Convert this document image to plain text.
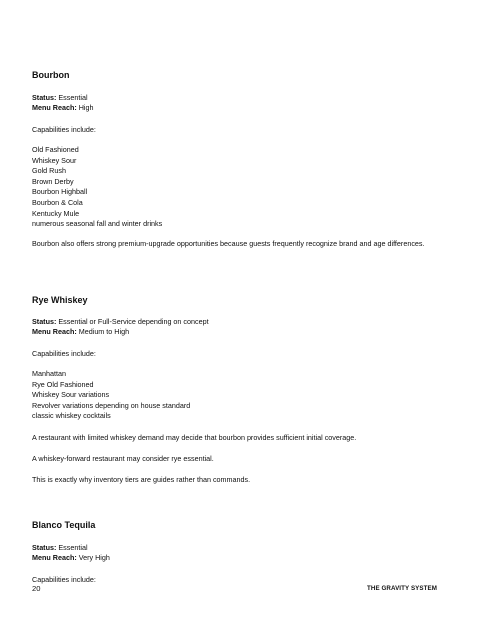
Bourbon
Status: Essential
Menu Reach: High
Capabilities include:
Old Fashioned
Whiskey Sour
Gold Rush
Brown Derby
Bourbon Highball
Bourbon & Cola
Kentucky Mule
numerous seasonal fall and winter drinks
Bourbon also offers strong premium-upgrade opportunities because guests frequently recognize brand and age differences.
Rye Whiskey
Status: Essential or Full-Service depending on concept
Menu Reach: Medium to High
Capabilities include:
Manhattan
Rye Old Fashioned
Whiskey Sour variations
Revolver variations depending on house standard
classic whiskey cocktails
A restaurant with limited whiskey demand may decide that bourbon provides sufficient initial coverage.
A whiskey-forward restaurant may consider rye essential.
This is exactly why inventory tiers are guides rather than commands.
Blanco Tequila
Status: Essential
Menu Reach: Very High
Capabilities include:
20	THE GRAVITY SYSTEM
